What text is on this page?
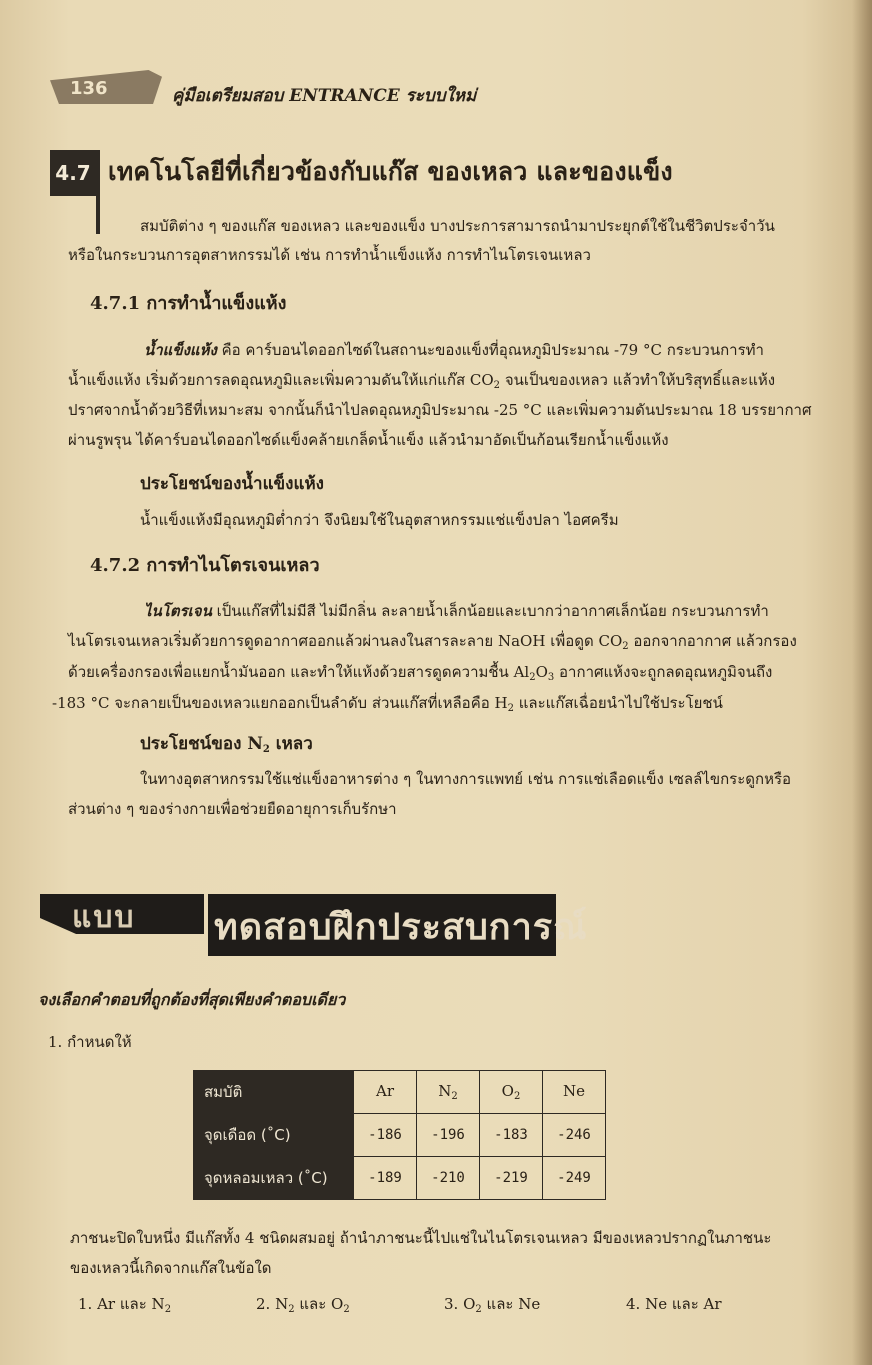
136	คู่มือเตรียมสอบ ENTRANCE ระบบใหม่
4.7 เทคโนโลยีที่เกี่ยวข้องกับแก๊ส ของเหลว และของแข็ง
สมบัติต่าง ๆ ของแก๊ส ของเหลว และของแข็ง บางประการสามารถนำมาประยุกต์ใช้ในชีวิตประจำวัน
หรือในกระบวนการอุตสาหกรรมได้ เช่น การทำน้ำแข็งแห้ง การทำไนโตรเจนเหลว
4.7.1 การทำน้ำแข็งแห้ง
น้ำแข็งแห้ง คือ คาร์บอนไดออกไซด์ในสถานะของแข็งที่อุณหภูมิประมาณ -79 °C กระบวนการทำ
น้ำแข็งแห้ง เริ่มด้วยการลดอุณหภูมิและเพิ่มความดันให้แก่แก๊ส $CO_2$ จนเป็นของเหลว แล้วทำให้บริสุทธิ์และแห้ง
ปราศจากน้ำด้วยวิธีที่เหมาะสม จากนั้นก็นำไปลดอุณหภูมิประมาณ -25 °C และเพิ่มความดันประมาณ 18 บรรยากาศ
ผ่านรูพรุน ได้คาร์บอนไดออกไซด์แข็งคล้ายเกล็ดน้ำแข็ง แล้วนำมาอัดเป็นก้อนเรียกน้ำแข็งแห้ง
ประโยชน์ของน้ำแข็งแห้ง
น้ำแข็งแห้งมีอุณหภูมิต่ำกว่า จึงนิยมใช้ในอุตสาหกรรมแช่แข็งปลา ไอศครีม
4.7.2 การทำไนโตรเจนเหลว
ไนโตรเจน เป็นแก๊สที่ไม่มีสี ไม่มีกลิ่น ละลายน้ำเล็กน้อยและเบากว่าอากาศเล็กน้อย กระบวนการทำ
ไนโตรเจนเหลวเริ่มด้วยการดูดอากาศออกแล้วผ่านลงในสารละลาย NaOH เพื่อดูด $CO_2$ ออกจากอากาศ แล้วกรอง
ด้วยเครื่องกรองเพื่อแยกน้ำมันออก และทำให้แห้งด้วยสารดูดความชื้น $Al_2O_3$ อากาศแห้งจะถูกลดอุณหภูมิจนถึง
-183 °C จะกลายเป็นของเหลวแยกออกเป็นลำดับ ส่วนแก๊สที่เหลือคือ $H_2$ และแก๊สเฉื่อยนำไปใช้ประโยชน์
ประโยชน์ของ N2 เหลว
ในทางอุตสาหกรรมใช้แช่แข็งอาหารต่าง ๆ ในทางการแพทย์ เช่น การแช่เลือดแข็ง เซลล์ไขกระดูกหรือ
ส่วนต่าง ๆ ของร่างกายเพื่อช่วยยืดอายุการเก็บรักษา
แบบ ทดสอบฝึกประสบการณ์
จงเลือกคำตอบที่ถูกต้องที่สุดเพียงคำตอบเดียว
1. กำหนดให้
สมบัติ	Ar	$N_2$	$O_2$	Ne
จุดเดือด (˚C)	-186	-196	-183	-246
จุดหลอมเหลว (˚C)	-189	-210	-219	-249
ภาชนะปิดใบหนึ่ง มีแก๊สทั้ง 4 ชนิดผสมอยู่ ถ้านำภาชนะนี้ไปแช่ในไนโตรเจนเหลว มีของเหลวปรากฏในภาชนะ
ของเหลวนี้เกิดจากแก๊สในข้อใด
1. Ar และ $N_2$	2. $N_2$ และ $O_2$	3. $O_2$ และ Ne	4. Ne และ Ar
